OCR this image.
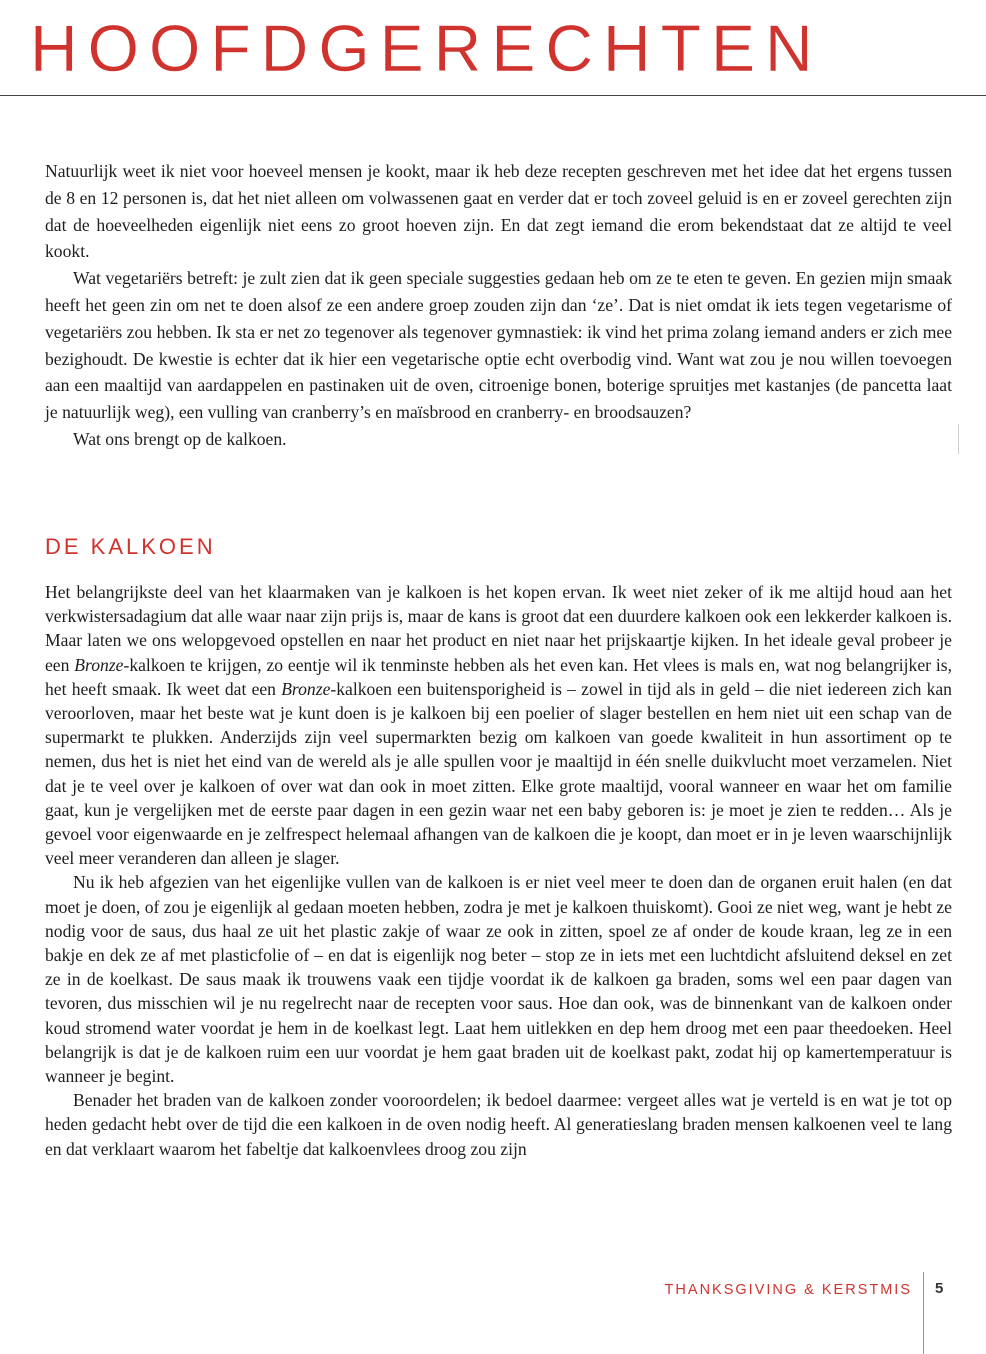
HOOFDGERECHTEN

Natuurlijk weet ik niet voor hoeveel mensen je kookt, maar ik heb deze recepten geschreven met het idee dat het ergens tussen de 8 en 12 personen is, dat het niet alleen om volwassenen gaat en verder dat er toch zoveel geluid is en er zoveel gerechten zijn dat de hoeveelheden eigenlijk niet eens zo groot hoeven zijn. En dat zegt iemand die erom bekendstaat dat ze altijd te veel kookt.

Wat vegetariërs betreft: je zult zien dat ik geen speciale suggesties gedaan heb om ze te eten te geven. En gezien mijn smaak heeft het geen zin om net te doen alsof ze een andere groep zouden zijn dan ‘ze’. Dat is niet omdat ik iets tegen vegetarisme of vegetariërs zou hebben. Ik sta er net zo tegenover als tegenover gymnastiek: ik vind het prima zolang iemand anders er zich mee bezighoudt. De kwestie is echter dat ik hier een vegetarische optie echt overbodig vind. Want wat zou je nou willen toevoegen aan een maaltijd van aardappelen en pastinaken uit de oven, citroenige bonen, boterige spruitjes met kastanjes (de pancetta laat je natuurlijk weg), een vulling van cranberry’s en maïsbrood en cranberry- en broodsauzen?

Wat ons brengt op de kalkoen.

DE KALKOEN

Het belangrijkste deel van het klaarmaken van je kalkoen is het kopen ervan. Ik weet niet zeker of ik me altijd houd aan het verkwistersadagium dat alle waar naar zijn prijs is, maar de kans is groot dat een duurdere kalkoen ook een lekkerder kalkoen is. Maar laten we ons welopgevoed opstellen en naar het product en niet naar het prijskaartje kijken. In het ideale geval probeer je een Bronze-kalkoen te krijgen, zo eentje wil ik tenminste hebben als het even kan. Het vlees is mals en, wat nog belangrijker is, het heeft smaak. Ik weet dat een Bronze-kalkoen een buitensporigheid is – zowel in tijd als in geld – die niet iedereen zich kan veroorloven, maar het beste wat je kunt doen is je kalkoen bij een poelier of slager bestellen en hem niet uit een schap van de supermarkt te plukken. Anderzijds zijn veel supermarkten bezig om kalkoen van goede kwaliteit in hun assortiment op te nemen, dus het is niet het eind van de wereld als je alle spullen voor je maaltijd in één snelle duikvlucht moet verzamelen. Niet dat je te veel over je kalkoen of over wat dan ook in moet zitten. Elke grote maaltijd, vooral wanneer en waar het om familie gaat, kun je vergelijken met de eerste paar dagen in een gezin waar net een baby geboren is: je moet je zien te redden… Als je gevoel voor eigenwaarde en je zelfrespect helemaal afhangen van de kalkoen die je koopt, dan moet er in je leven waarschijnlijk veel meer veranderen dan alleen je slager.

Nu ik heb afgezien van het eigenlijke vullen van de kalkoen is er niet veel meer te doen dan de organen eruit halen (en dat moet je doen, of zou je eigenlijk al gedaan moeten hebben, zodra je met je kalkoen thuiskomt). Gooi ze niet weg, want je hebt ze nodig voor de saus, dus haal ze uit het plastic zakje of waar ze ook in zitten, spoel ze af onder de koude kraan, leg ze in een bakje en dek ze af met plasticfolie of – en dat is eigenlijk nog beter – stop ze in iets met een luchtdicht afsluitend deksel en zet ze in de koelkast. De saus maak ik trouwens vaak een tijdje voordat ik de kalkoen ga braden, soms wel een paar dagen van tevoren, dus misschien wil je nu regelrecht naar de recepten voor saus. Hoe dan ook, was de binnenkant van de kalkoen onder koud stromend water voordat je hem in de koelkast legt. Laat hem uitlekken en dep hem droog met een paar theedoeken. Heel belangrijk is dat je de kalkoen ruim een uur voordat je hem gaat braden uit de koelkast pakt, zodat hij op kamertemperatuur is wanneer je begint.

Benader het braden van de kalkoen zonder vooroordelen; ik bedoel daarmee: vergeet alles wat je verteld is en wat je tot op heden gedacht hebt over de tijd die een kalkoen in de oven nodig heeft. Al generatieslang braden mensen kalkoenen veel te lang en dat verklaart waarom het fabeltje dat kalkoenvlees droog zou zijn

THANKSGIVING & KERSTMIS 5
